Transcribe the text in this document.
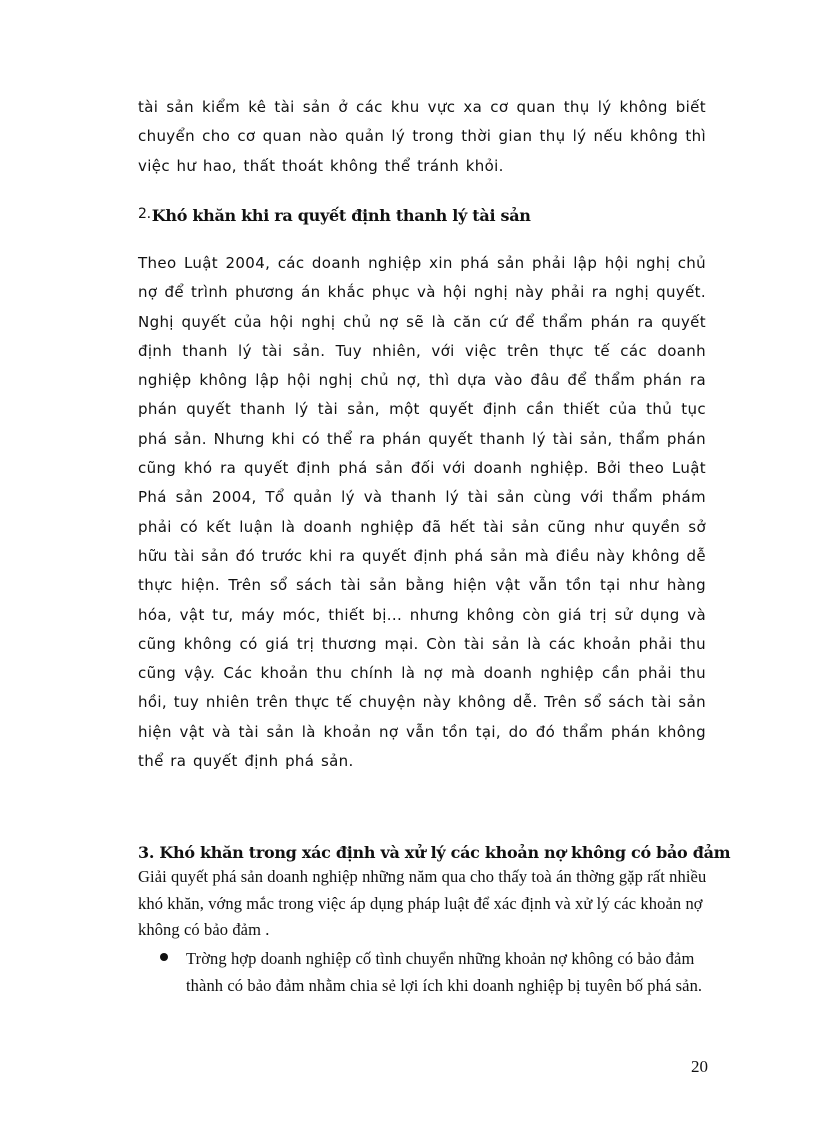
tài sản kiểm kê tài sản ở các khu vực xa cơ quan thụ lý không biết chuyển cho cơ quan nào quản lý trong thời gian thụ lý nếu không thì việc hư hao, thất thoát không thể tránh khỏi.

2.Khó khăn khi ra quyết định thanh lý tài sản

Theo Luật 2004, các doanh nghiệp xin phá sản phải lập hội nghị chủ nợ để trình phương án khắc phục và hội nghị này phải ra nghị quyết. Nghị quyết của hội nghị chủ nợ sẽ là căn cứ để thẩm phán ra quyết định thanh lý tài sản. Tuy nhiên, với việc trên thực tế các doanh nghiệp không lập hội nghị chủ nợ, thì dựa vào đâu để thẩm phán ra phán quyết thanh lý tài sản, một quyết định cần thiết của thủ tục phá sản. Nhưng khi có thể ra phán quyết thanh lý tài sản, thẩm phán cũng khó ra quyết định phá sản đối với doanh nghiệp. Bởi theo Luật Phá sản 2004, Tổ quản lý và thanh lý tài sản cùng với thẩm phám phải có kết luận là doanh nghiệp đã hết tài sản cũng như quyền sở hữu tài sản đó trước khi ra quyết định phá sản mà điều này không dễ thực hiện. Trên sổ sách tài sản bằng hiện vật vẫn tồn tại như hàng hóa, vật tư, máy móc, thiết bị... nhưng không còn giá trị sử dụng và cũng không có giá trị thương mại. Còn tài sản là các khoản phải thu cũng vậy. Các khoản thu chính là nợ mà doanh nghiệp cần phải thu hồi, tuy nhiên trên thực tế chuyện này không dễ. Trên sổ sách tài sản hiện vật và tài sản là khoản nợ vẫn tồn tại, do đó thẩm phán không thể ra quyết định phá sản.

3. Khó khăn trong xác định và xử lý các khoản nợ không có bảo đảm

Giải quyết phá sản doanh nghiệp những năm qua cho thấy toà án thờng gặp rất nhiều khó khăn, vớng mắc trong việc áp dụng pháp luật để xác định và xử lý các khoản nợ không có bảo đảm .

Trờng hợp doanh nghiệp cố tình chuyển những khoản nợ không có bảo đảm thành có bảo đảm nhằm chia sẻ lợi ích khi doanh nghiệp bị tuyên bố phá sản.

20
